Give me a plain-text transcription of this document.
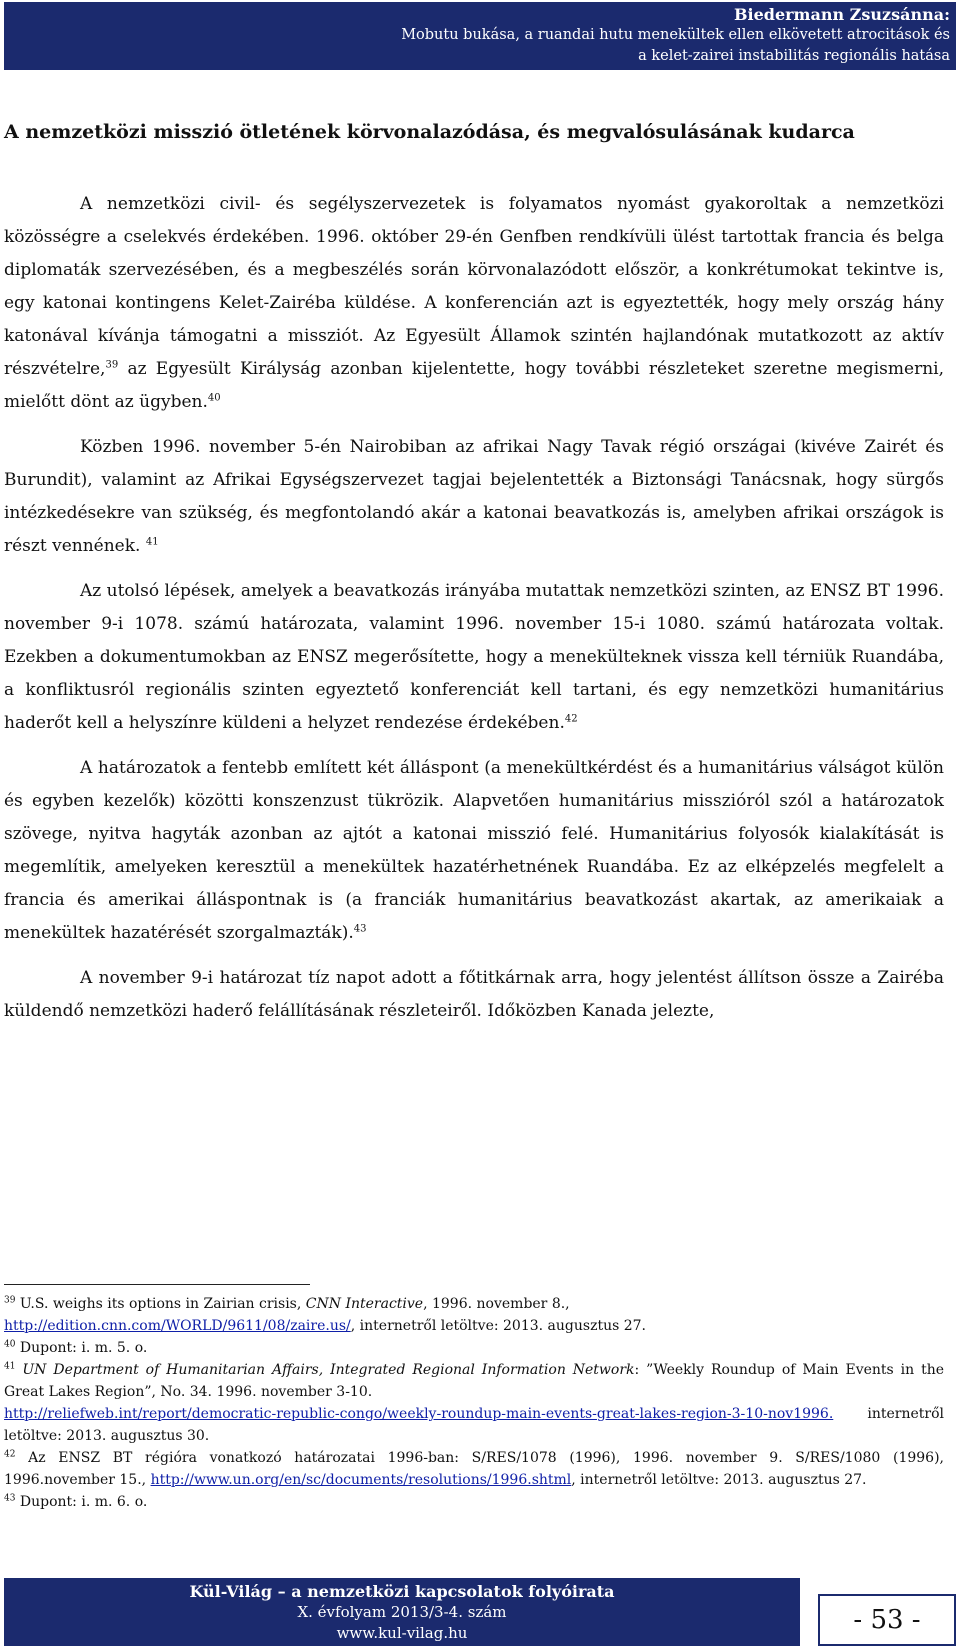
Biedermann Zsuzsánna:
Mobutu bukása, a ruandai hutu menekültek ellen elkövetett atrocitások és
a kelet-zairei instabilitás regionális hatása
A nemzetközi misszió ötletének körvonalazódása, és megvalósulásának kudarca

A nemzetközi civil- és segélyszervezetek is folyamatos nyomást gyakoroltak a nemzetközi közösségre a cselekvés érdekében. 1996. október 29-én Genfben rendkívüli ülést tartottak francia és belga diplomaták szervezésében, és a megbeszélés során körvonalazódott először, a konkrétumokat tekintve is, egy katonai kontingens Kelet-Zairéba küldése. A konferencián azt is egyeztették, hogy mely ország hány katonával kívánja támogatni a missziót. Az Egyesült Államok szintén hajlandónak mutatkozott az aktív részvételre,$^{39}$ az Egyesült Királyság azonban kijelentette, hogy további részleteket szeretne megismerni, mielőtt dönt az ügyben.$^{40}$

Közben 1996. november 5-én Nairobiban az afrikai Nagy Tavak régió országai (kivéve Zairét és Burundit), valamint az Afrikai Egységszervezet tagjai bejelentették a Biztonsági Tanácsnak, hogy sürgős intézkedésekre van szükség, és megfontolandó akár a katonai beavatkozás is, amelyben afrikai országok is részt vennének. $^{41}$

Az utolsó lépések, amelyek a beavatkozás irányába mutattak nemzetközi szinten, az ENSZ BT 1996. november 9-i 1078. számú határozata, valamint 1996. november 15-i 1080. számú határozata voltak. Ezekben a dokumentumokban az ENSZ megerősítette, hogy a menekülteknek vissza kell térniük Ruandába, a konfliktusról regionális szinten egyeztető konferenciát kell tartani, és egy nemzetközi humanitárius haderőt kell a helyszínre küldeni a helyzet rendezése érdekében.$^{42}$

A határozatok a fentebb említett két álláspont (a menekültkérdést és a humanitárius válságot külön és egyben kezelők) közötti konszenzust tükrözik. Alapvetően humanitárius misszióról szól a határozatok szövege, nyitva hagyták azonban az ajtót a katonai misszió felé. Humanitárius folyosók kialakítását is megemlítik, amelyeken keresztül a menekültek hazatérhetnének Ruandába. Ez az elképzelés megfelelt a francia és amerikai álláspontnak is (a franciák humanitárius beavatkozást akartak, az amerikaiak a menekültek hazatérését szorgalmazták).$^{43}$

A november 9-i határozat tíz napot adott a főtitkárnak arra, hogy jelentést állítson össze a Zairéba küldendő nemzetközi haderő felállításának részleteiről. Időközben Kanada jelezte,

$^{39}$ U.S. weighs its options in Zairian crisis, CNN Interactive, 1996. november 8.,
http://edition.cnn.com/WORLD/9611/08/zaire.us/, internetről letöltve: 2013. augusztus 27.

$^{40}$ Dupont: i. m. 5. o.

$^{41}$ UN Department of Humanitarian Affairs, Integrated Regional Information Network: ”Weekly Roundup of Main Events in the Great Lakes Region”, No. 34. 1996. november 3-10.
http://reliefweb.int/report/democratic-republic-congo/weekly-roundup-main-events-great-lakes-region-3-10-nov1996. internetről letöltve: 2013. augusztus 30.

$^{42}$ Az ENSZ BT régióra vonatkozó határozatai 1996-ban: S/RES/1078 (1996), 1996. november 9. S/RES/1080 (1996), 1996.november 15., http://www.un.org/en/sc/documents/resolutions/1996.shtml, internetről letöltve: 2013. augusztus 27.

$^{43}$ Dupont: i. m. 6. o.

Kül-Világ – a nemzetközi kapcsolatok folyóirata
X. évfolyam 2013/3-4. szám
www.kul-vilag.hu	- 53 -
